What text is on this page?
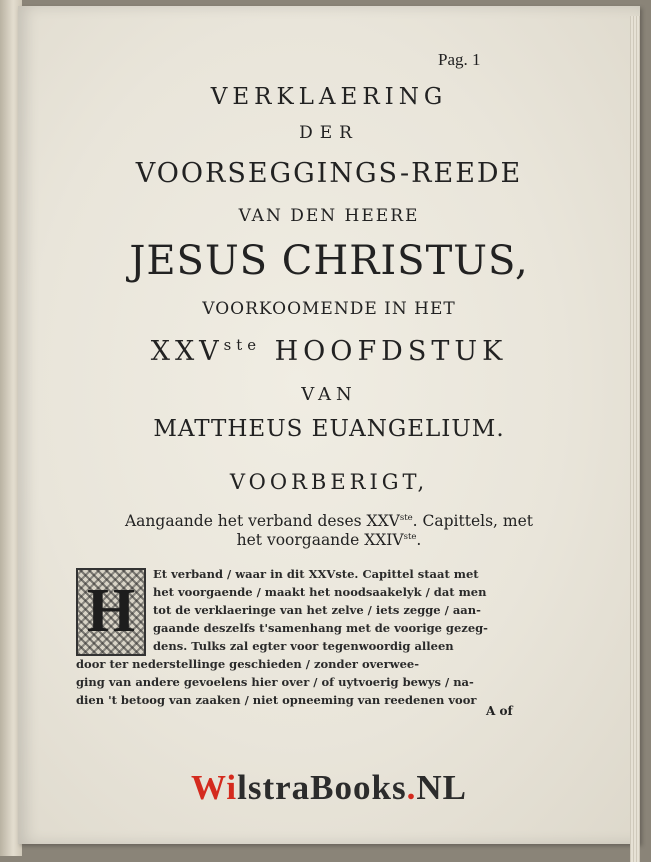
Pag. 1
VERKLAERING
DER
VOORSEGGINGS-REEDE
VAN DEN HEERE
JESUS CHRISTUS,
VOORKOOMENDE IN HET
XXVste HOOFDSTUK
VAN
MATTHEUS EUANGELIUM.
VOORBERIGT,
Aangaande het verband deses XXVste. Capittels, met
het voorgaande XXIVste.
H
Et verband / waar in dit XXVste. Capittel staat met
het voorgaende / maakt het noodsaakelyk / dat men
tot de verklaeringe van het zelve / iets zegge / aan-
gaande deszelfs t'samenhang met de voorige gezeg-
dens. Tulks zal egter voor tegenwoordig alleen
door ter nederstellinge geschieden / zonder overwee-
ging van andere gevoelens hier over / of uytvoerig bewys / na-
dien 't betoog van zaaken / niet opneeming van reedenen voor
A of
WilstraBooks.NL
